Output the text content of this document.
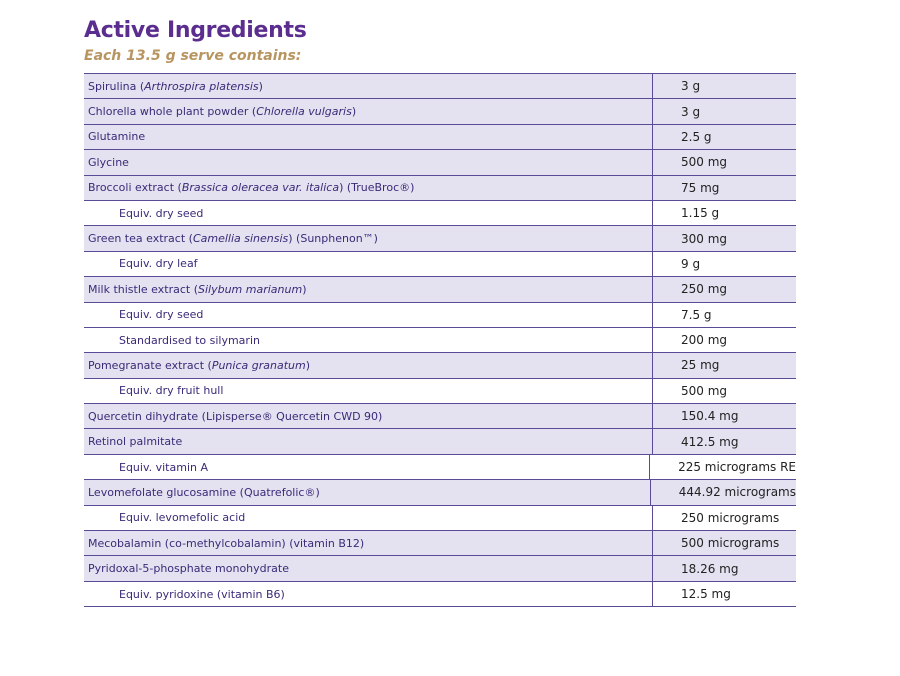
Active Ingredients
Each 13.5 g serve contains:
Spirulina ( Arthrospira platensis )	3 g
Chlorella whole plant powder ( Chlorella vulgaris )	3 g
Glutamine	2.5 g
Glycine	500 mg
Broccoli extract ( Brassica oleracea var. italica ) (TrueBroc®)	75 mg
Equiv. dry seed	1.15 g
Green tea extract ( Camellia sinensis ) (Sunphenon™)	300 mg
Equiv. dry leaf	9 g
Milk thistle extract ( Silybum marianum )	250 mg
Equiv. dry seed	7.5 g
Standardised to silymarin	200 mg
Pomegranate extract ( Punica granatum )	25 mg
Equiv. dry fruit hull	500 mg
Quercetin dihydrate (Lipisperse® Quercetin CWD 90)	150.4 mg
Retinol palmitate	412.5 mg
Equiv. vitamin A	225 micrograms RE
Levomefolate glucosamine (Quatrefolic®)	444.92 micrograms
Equiv. levomefolic acid	250 micrograms
Mecobalamin (co-methylcobalamin) (vitamin B12)	500 micrograms
Pyridoxal-5-phosphate monohydrate	18.26 mg
Equiv. pyridoxine (vitamin B6)	12.5 mg
